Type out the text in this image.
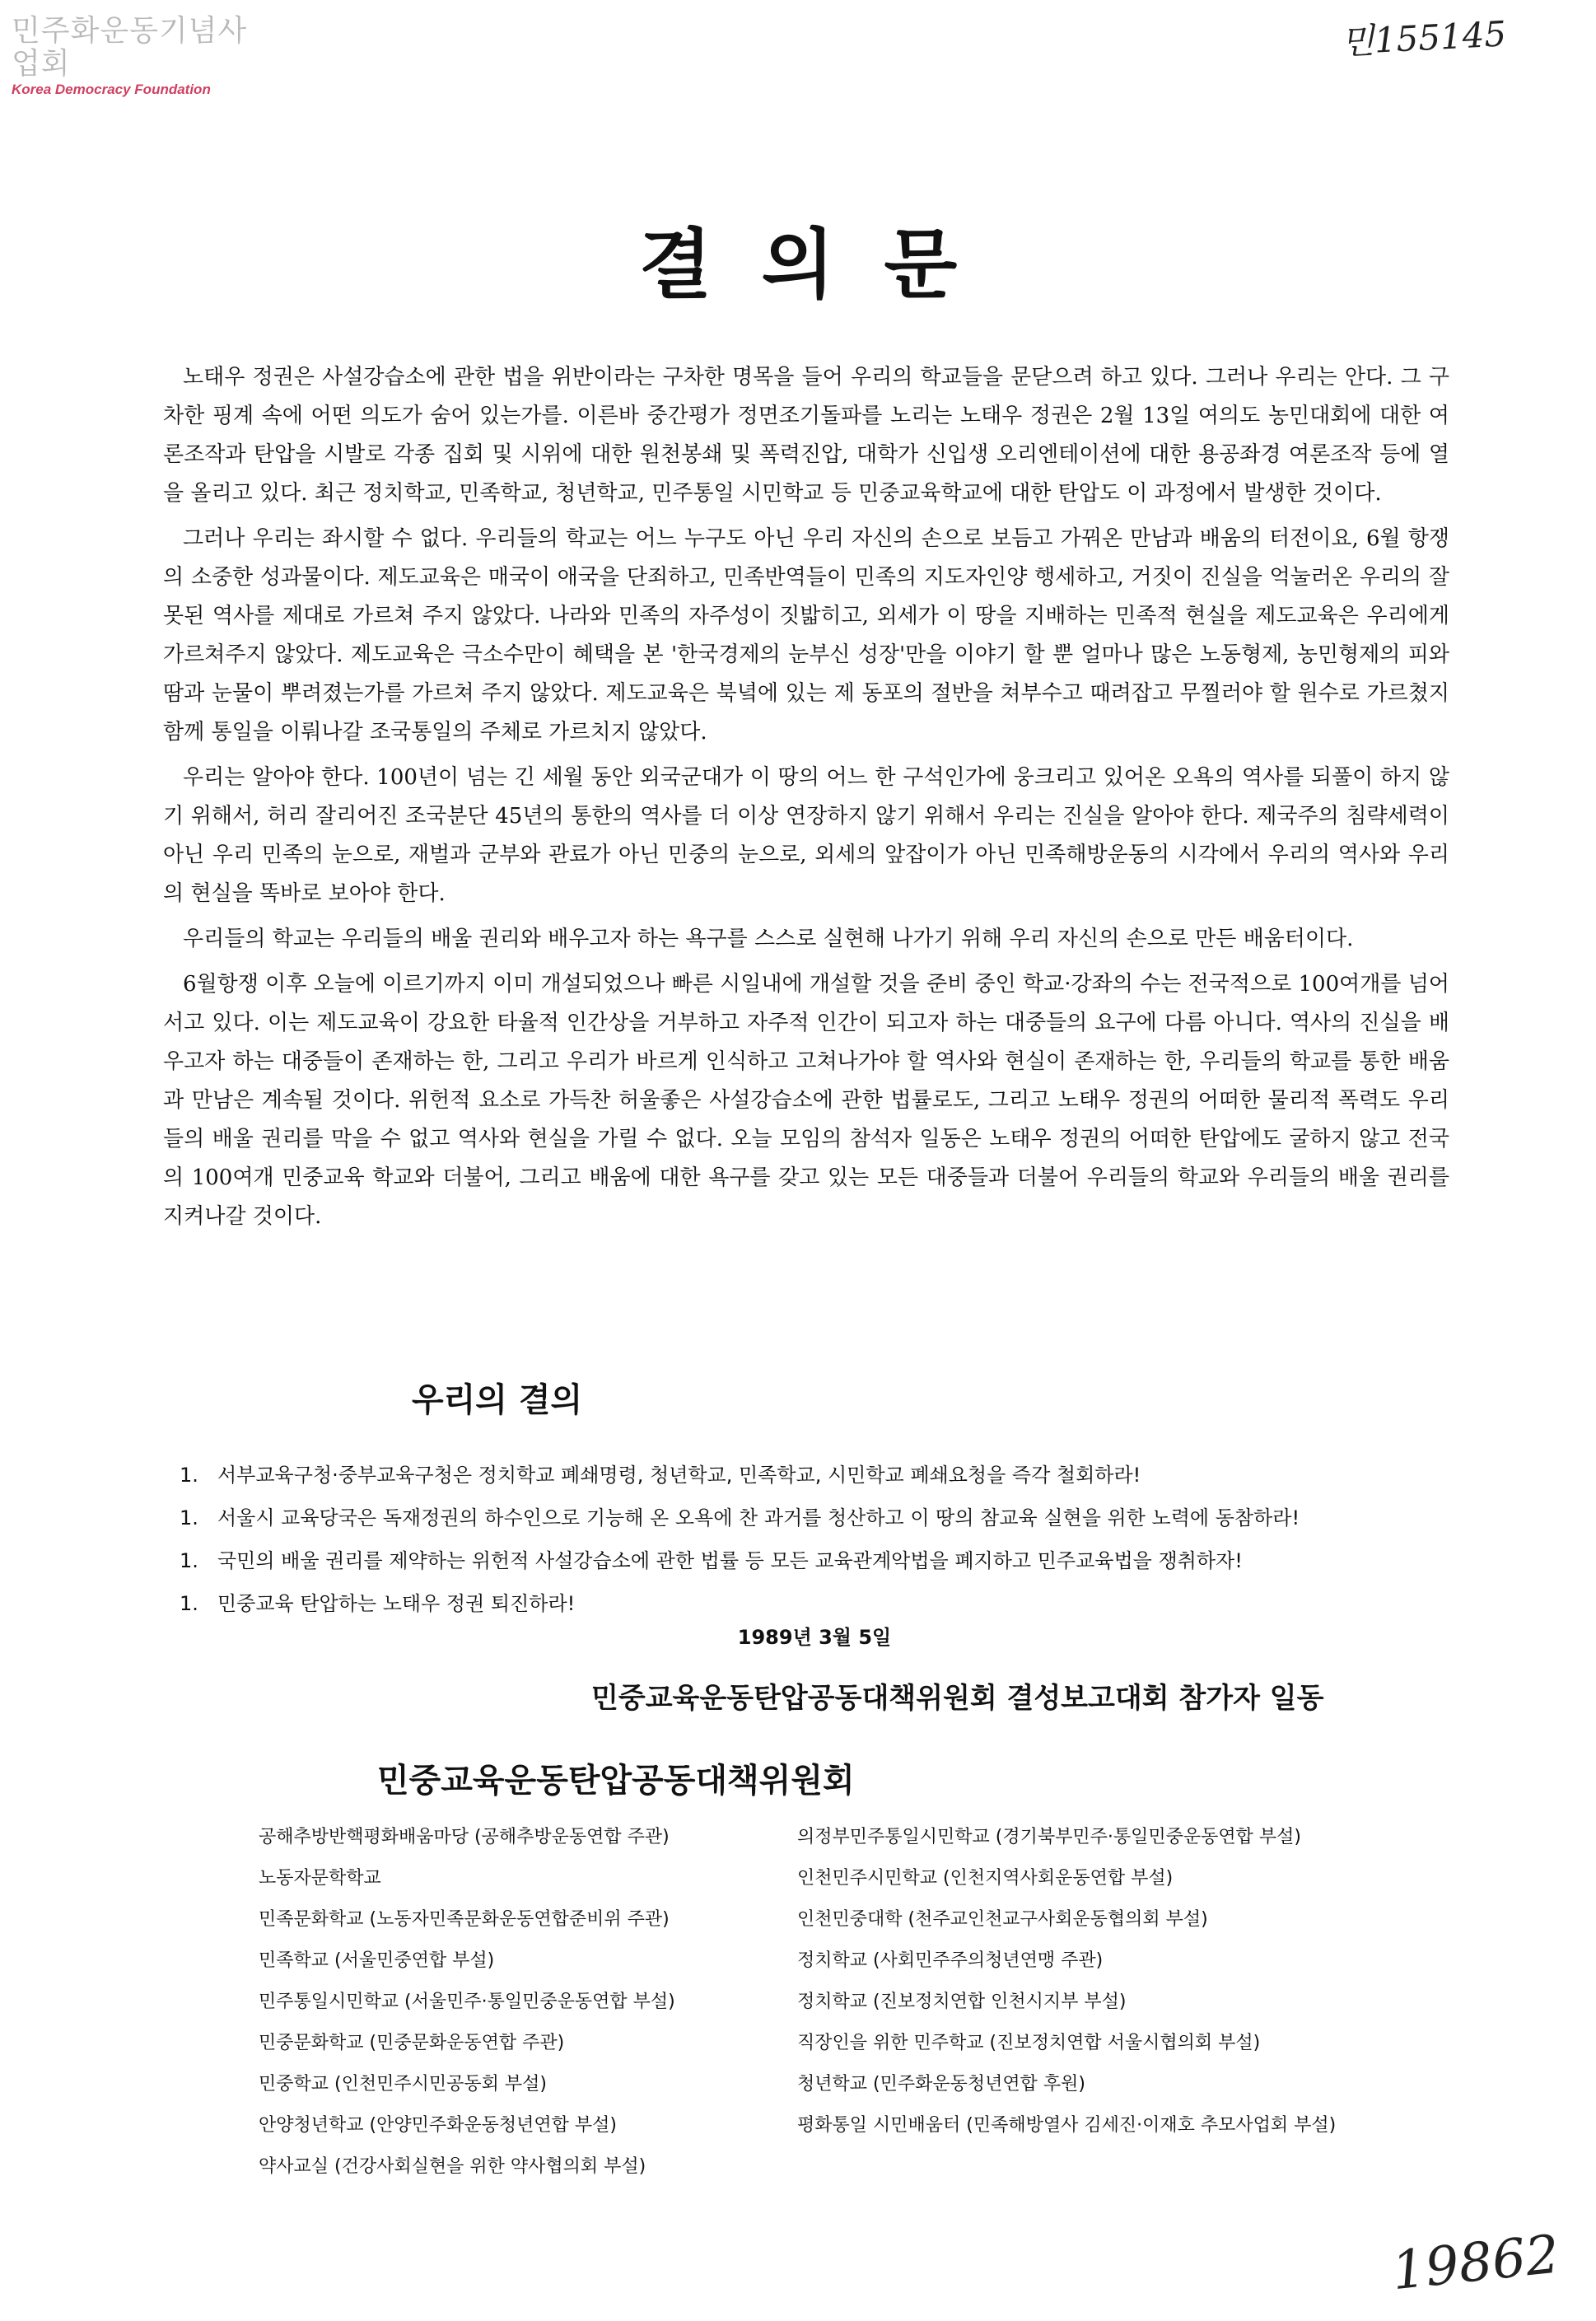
민주화운동기념사업회
Korea Democracy Foundation
민155145
결의문

노태우 정권은 사설강습소에 관한 법을 위반이라는 구차한 명목을 들어 우리의 학교들을 문닫으려 하고 있다. 그러나 우리는 안다. 그 구차한 핑계 속에 어떤 의도가 숨어 있는가를. 이른바 중간평가 정면조기돌파를 노리는 노태우 정권은 2월 13일 여의도 농민대회에 대한 여론조작과 탄압을 시발로 각종 집회 및 시위에 대한 원천봉쇄 및 폭력진압, 대학가 신입생 오리엔테이션에 대한 용공좌경 여론조작 등에 열을 올리고 있다. 최근 정치학교, 민족학교, 청년학교, 민주통일 시민학교 등 민중교육학교에 대한 탄압도 이 과정에서 발생한 것이다.

그러나 우리는 좌시할 수 없다. 우리들의 학교는 어느 누구도 아닌 우리 자신의 손으로 보듬고 가꿔온 만남과 배움의 터전이요, 6월 항쟁의 소중한 성과물이다. 제도교육은 매국이 애국을 단죄하고, 민족반역들이 민족의 지도자인양 행세하고, 거짓이 진실을 억눌러온 우리의 잘못된 역사를 제대로 가르쳐 주지 않았다. 나라와 민족의 자주성이 짓밟히고, 외세가 이 땅을 지배하는 민족적 현실을 제도교육은 우리에게 가르쳐주지 않았다. 제도교육은 극소수만이 혜택을 본 '한국경제의 눈부신 성장'만을 이야기 할 뿐 얼마나 많은 노동형제, 농민형제의 피와 땀과 눈물이 뿌려졌는가를 가르쳐 주지 않았다. 제도교육은 북녘에 있는 제 동포의 절반을 쳐부수고 때려잡고 무찔러야 할 원수로 가르쳤지 함께 통일을 이뤄나갈 조국통일의 주체로 가르치지 않았다.

우리는 알아야 한다. 100년이 넘는 긴 세월 동안 외국군대가 이 땅의 어느 한 구석인가에 웅크리고 있어온 오욕의 역사를 되풀이 하지 않기 위해서, 허리 잘리어진 조국분단 45년의 통한의 역사를 더 이상 연장하지 않기 위해서 우리는 진실을 알아야 한다. 제국주의 침략세력이 아닌 우리 민족의 눈으로, 재벌과 군부와 관료가 아닌 민중의 눈으로, 외세의 앞잡이가 아닌 민족해방운동의 시각에서 우리의 역사와 우리의 현실을 똑바로 보아야 한다.

우리들의 학교는 우리들의 배울 권리와 배우고자 하는 욕구를 스스로 실현해 나가기 위해 우리 자신의 손으로 만든 배움터이다.

6월항쟁 이후 오늘에 이르기까지 이미 개설되었으나 빠른 시일내에 개설할 것을 준비 중인 학교·강좌의 수는 전국적으로 100여개를 넘어서고 있다. 이는 제도교육이 강요한 타율적 인간상을 거부하고 자주적 인간이 되고자 하는 대중들의 요구에 다름 아니다. 역사의 진실을 배우고자 하는 대중들이 존재하는 한, 그리고 우리가 바르게 인식하고 고쳐나가야 할 역사와 현실이 존재하는 한, 우리들의 학교를 통한 배움과 만남은 계속될 것이다. 위헌적 요소로 가득찬 허울좋은 사설강습소에 관한 법률로도, 그리고 노태우 정권의 어떠한 물리적 폭력도 우리들의 배울 권리를 막을 수 없고 역사와 현실을 가릴 수 없다. 오늘 모임의 참석자 일동은 노태우 정권의 어떠한 탄압에도 굴하지 않고 전국의 100여개 민중교육 학교와 더불어, 그리고 배움에 대한 욕구를 갖고 있는 모든 대중들과 더불어 우리들의 학교와 우리들의 배울 권리를 지켜나갈 것이다.

우리의 결의
1. 서부교육구청·중부교육구청은 정치학교 폐쇄명령, 청년학교, 민족학교, 시민학교 폐쇄요청을 즉각 철회하라!
1. 서울시 교육당국은 독재정권의 하수인으로 기능해 온 오욕에 찬 과거를 청산하고 이 땅의 참교육 실현을 위한 노력에 동참하라!
1. 국민의 배울 권리를 제약하는 위헌적 사설강습소에 관한 법률 등 모든 교육관계악법을 폐지하고 민주교육법을 쟁취하자!
1. 민중교육 탄압하는 노태우 정권 퇴진하라!
1989년 3월 5일
민중교육운동탄압공동대책위원회 결성보고대회 참가자 일동
민중교육운동탄압공동대책위원회
공해추방반핵평화배움마당 (공해추방운동연합 주관)
노동자문학학교
민족문화학교 (노동자민족문화운동연합준비위 주관)
민족학교 (서울민중연합 부설)
민주통일시민학교 (서울민주·통일민중운동연합 부설)
민중문화학교 (민중문화운동연합 주관)
민중학교 (인천민주시민공동회 부설)
안양청년학교 (안양민주화운동청년연합 부설)
약사교실 (건강사회실현을 위한 약사협의회 부설)
의정부민주통일시민학교 (경기북부민주·통일민중운동연합 부설)
인천민주시민학교 (인천지역사회운동연합 부설)
인천민중대학 (천주교인천교구사회운동협의회 부설)
정치학교 (사회민주주의청년연맹 주관)
정치학교 (진보정치연합 인천시지부 부설)
직장인을 위한 민주학교 (진보정치연합 서울시협의회 부설)
청년학교 (민주화운동청년연합 후원)
평화통일 시민배움터 (민족해방열사 김세진·이재호 추모사업회 부설)
19862
